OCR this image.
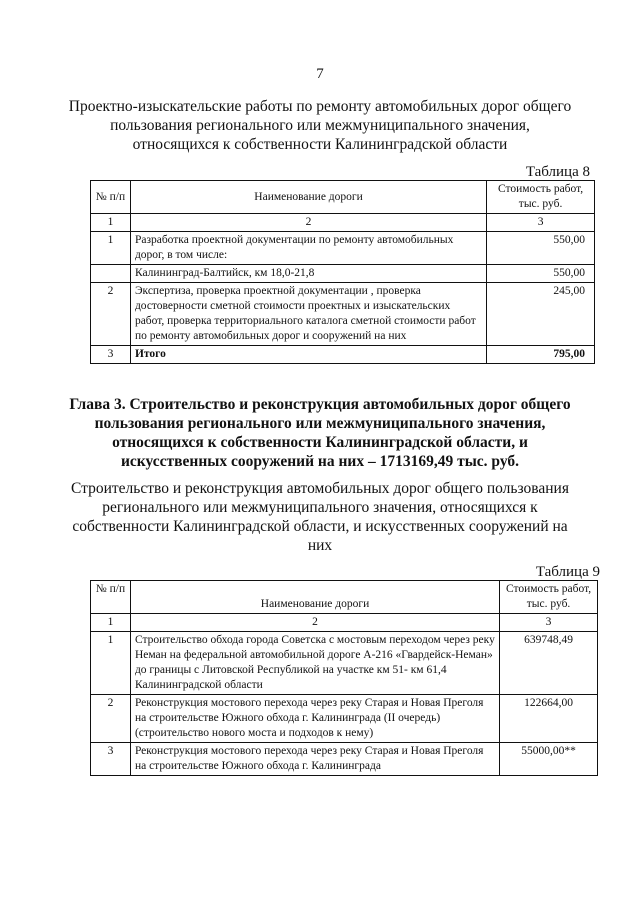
7
Проектно-изыскательские работы по ремонту автомобильных дорог общего
пользования регионального или межмуниципального значения,
относящихся к собственности Калининградской области
Таблица 8
№ п/п	Наименование дороги	Стоимость работ, тыс. руб.
1	2	3
1	Разработка проектной документации по ремонту автомобильных дорог, в том числе:	550,00
	Калининград-Балтийск, км 18,0-21,8	550,00
2	Экспертиза, проверка проектной документации , проверка достоверности сметной стоимости проектных и изыскательских работ, проверка территориального каталога сметной стоимости работ по ремонту автомобильных дорог и сооружений на них	245,00
3	Итого	795,00
Глава 3. Строительство и реконструкция автомобильных дорог общего
пользования регионального или межмуниципального значения,
относящихся к собственности Калининградской области, и
искусственных сооружений на них – 1713169,49 тыс. руб.
Строительство и реконструкция автомобильных дорог общего пользования
регионального или межмуниципального значения, относящихся к
собственности Калининградской области, и искусственных сооружений на
них
Таблица 9
№ п/п	Наименование дороги	Стоимость работ, тыс. руб.
1	2	3
1	Строительство обхода города Советска с мостовым переходом через реку Неман на федеральной автомобильной дороге А-216 «Гвардейск-Неман» до границы с Литовской Республикой на участке км 51- км 61,4 Калининградской области	639748,49
2	Реконструкция мостового перехода через реку Старая и Новая Преголя на строительстве Южного обхода г. Калининграда (II очередь) (строительство нового моста и подходов к нему)	122664,00
3	Реконструкция мостового перехода через реку Старая и Новая Преголя на строительстве Южного обхода г. Калининграда	55000,00**
